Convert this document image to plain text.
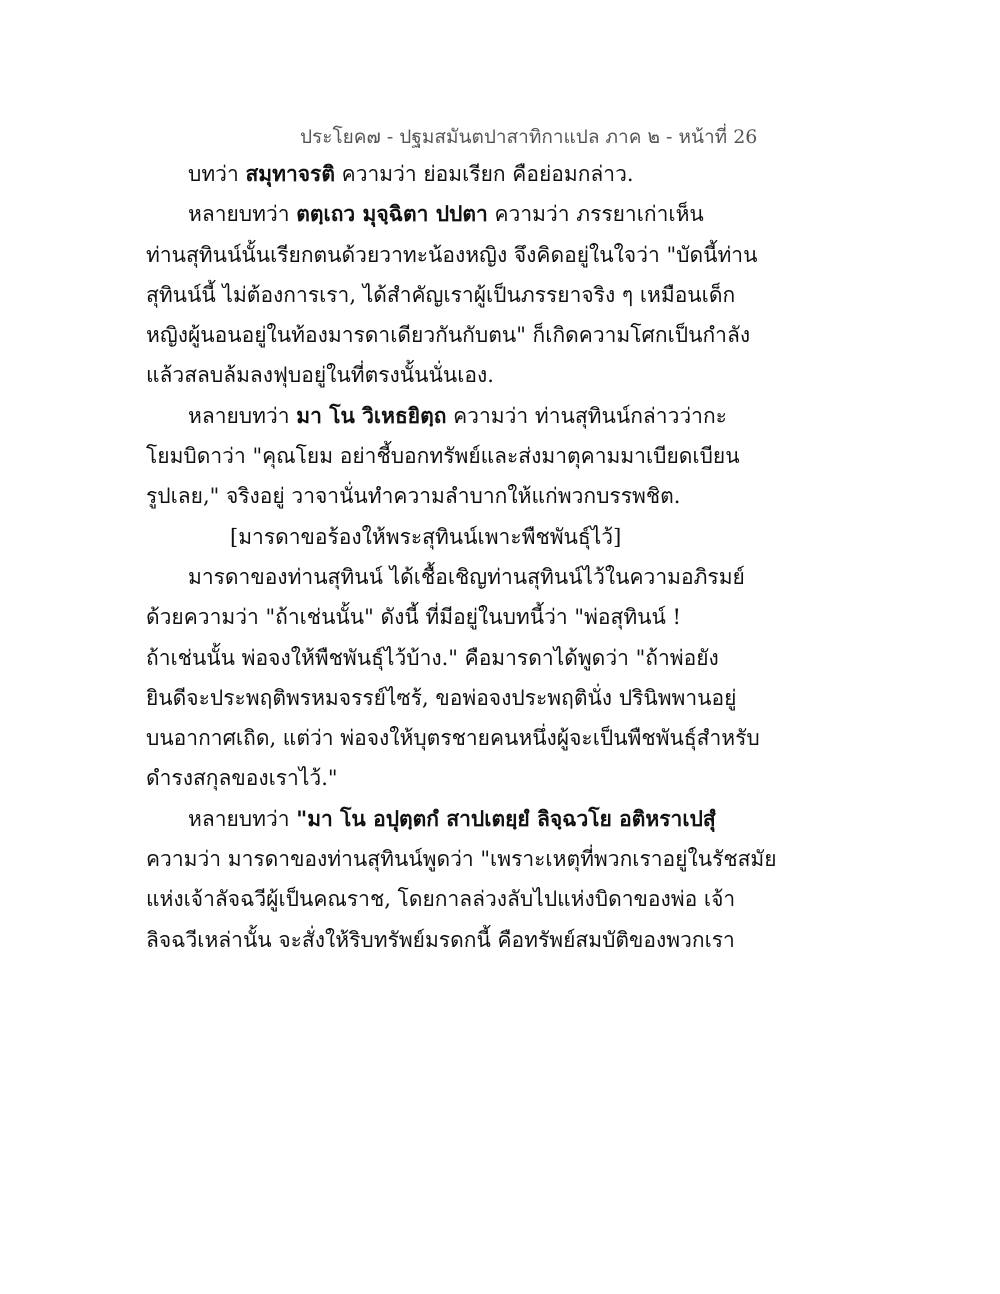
ประโยค๗ - ปฐมสมันตปาสาทิกาแปล ภาค ๒ - หน้าที่ 26
บทว่า สมุทาจรติ ความว่า ย่อมเรียก คือย่อมกล่าว.
หลายบทว่า ตตฺเถว มุจฺฉิตา ปปตา ความว่า ภรรยาเก่าเห็น
ท่านสุทินน์นั้นเรียกตนด้วยวาทะน้องหญิง จึงคิดอยู่ในใจว่า "บัดนี้ท่าน
สุทินน์นี้ ไม่ต้องการเรา, ได้สำคัญเราผู้เป็นภรรยาจริง ๆ เหมือนเด็ก
หญิงผู้นอนอยู่ในท้องมารดาเดียวกันกับตน" ก็เกิดความโศกเป็นกำลัง
แล้วสลบล้มลงฟุบอยู่ในที่ตรงนั้นนั่นเอง.
หลายบทว่า มา โน วิเหธยิตฺถ ความว่า ท่านสุทินน์กล่าวว่ากะ
โยมบิดาว่า "คุณโยม อย่าชี้บอกทรัพย์และส่งมาตุคามมาเบียดเบียน
รูปเลย," จริงอยู่ วาจานั่นทำความลำบากให้แก่พวกบรรพชิต.
[มารดาขอร้องให้พระสุทินน์เพาะพืชพันธุ์ไว้]
มารดาของท่านสุทินน์ ได้เชื้อเชิญท่านสุทินน์ไว้ในความอภิรมย์
ด้วยความว่า "ถ้าเช่นนั้น" ดังนี้ ที่มีอยู่ในบทนี้ว่า "พ่อสุทินน์ !
ถ้าเช่นนั้น พ่อจงให้พืชพันธุ์ไว้บ้าง." คือมารดาได้พูดว่า "ถ้าพ่อยัง
ยินดีจะประพฤติพรหมจรรย์ไซร้, ขอพ่อจงประพฤตินั่ง ปรินิพพานอยู่
บนอากาศเถิด, แต่ว่า พ่อจงให้บุตรชายคนหนึ่งผู้จะเป็นพืชพันธุ์สำหรับ
ดำรงสกุลของเราไว้."
หลายบทว่า "มา โน อปุตฺตกํ สาปเตยฺยํ ลิจฺฉวโย อติหราเปสุํ
ความว่า มารดาของท่านสุทินน์พูดว่า "เพราะเหตุที่พวกเราอยู่ในรัชสมัย
แห่งเจ้าลัจฉวีผู้เป็นคณราช, โดยกาลล่วงลับไปแห่งบิดาของพ่อ เจ้า
ลิจฉวีเหล่านั้น จะสั่งให้ริบทรัพย์มรดกนี้ คือทรัพย์สมบัติของพวกเรา
